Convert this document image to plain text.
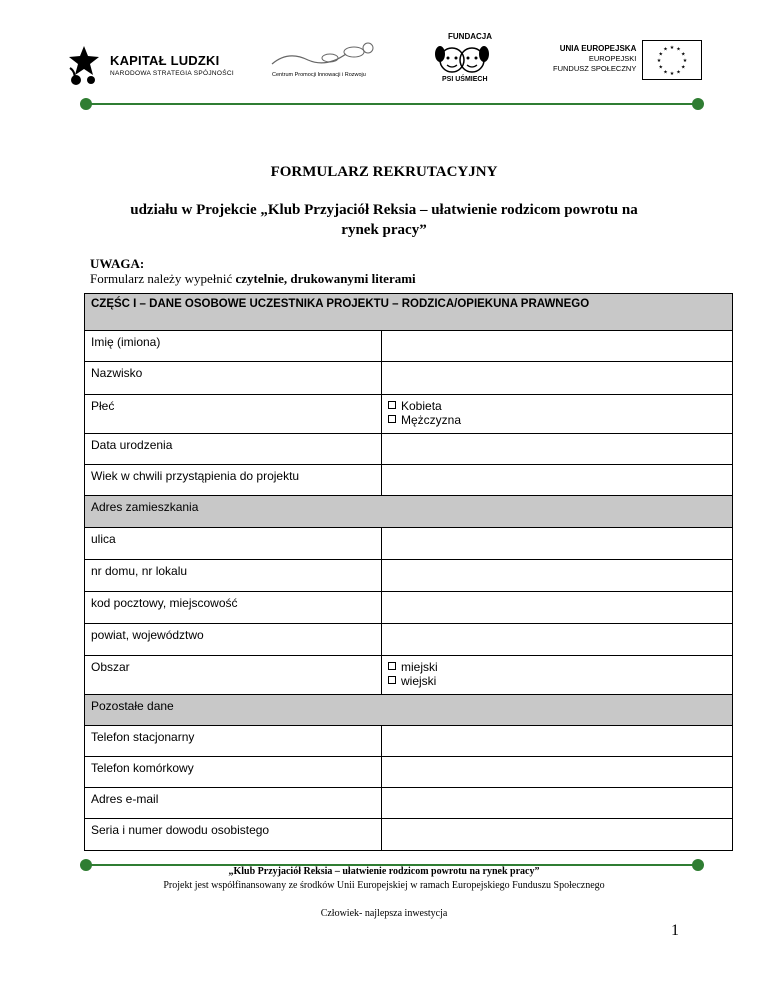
KAPITAŁ LUDZKI
NARODOWA STRATEGIA SPÓJNOŚCI	Centrum Promocji Innowacji i Rozwoju
FUNDACJA
PSI UŚMIECH
UNIA EUROPEJSKA
EUROPEJSKI
FUNDUSZ SPOŁECZNY
★ ★
★
★
★
★
★
★
★
★
★
★
FORMULARZ REKRUTACYJNY
udziału w Projekcie „Klub Przyjaciół Reksia – ułatwienie rodzicom powrotu na rynek pracy”
UWAGA:
Formularz należy wypełnić czytelnie, drukowanymi literami
CZĘŚC I – DANE OSOBOWE UCZESTNIKA PROJEKTU – RODZICA/OPIEKUNA PRAWNEGO	
Imię (imiona)	
Nazwisko	
Płeć	Kobieta
Mężczyzna

Data urodzenia	
Wiek w chwili przystąpienia do projektu	
Adres zamieszkania	
ulica	
nr domu, nr lokalu	
kod pocztowy, miejscowość	
powiat, województwo	
Obszar	miejski
wiejski

Pozostałe dane	
Telefon stacjonarny	
Telefon komórkowy	
Adres e-mail	
Seria i numer dowodu osobistego	
„Klub Przyjaciół Reksia – ułatwienie rodzicom powrotu na rynek pracy”
Projekt jest współfinansowany ze środków Unii Europejskiej w ramach Europejskiego Funduszu Społecznego
Człowiek- najlepsza inwestycja
1
